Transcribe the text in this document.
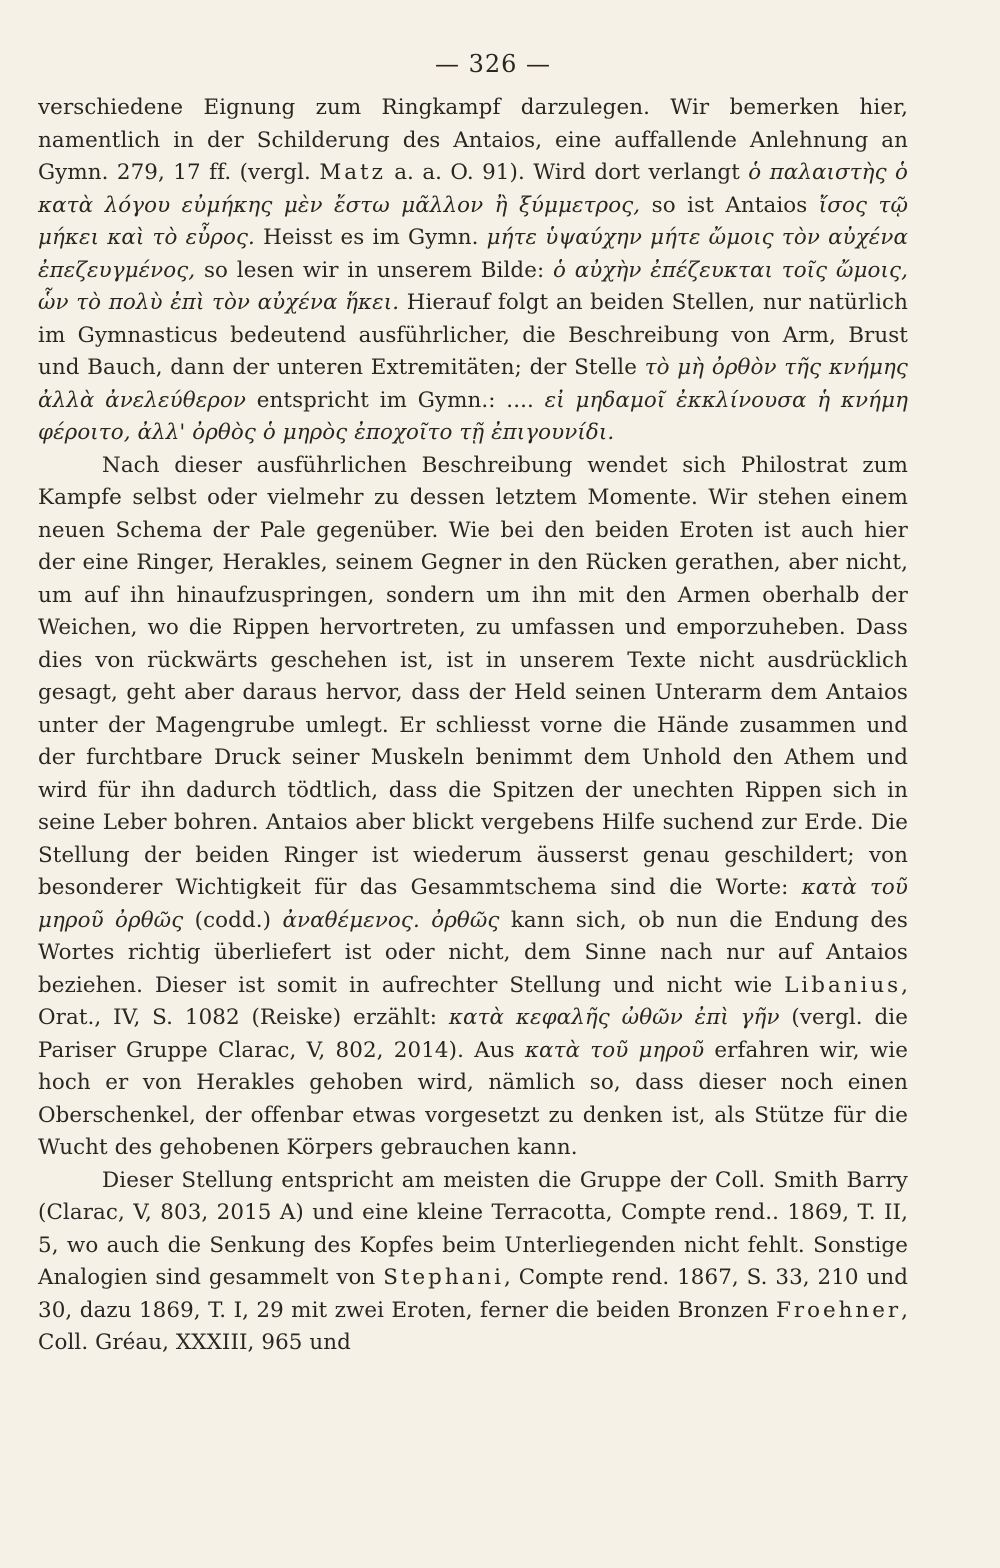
— 326 —

verschiedene Eignung zum Ringkampf darzulegen. Wir bemerken hier, namentlich in der Schilderung des Antaios, eine auffallende Anlehnung an Gymn. 279, 17 ff. (vergl. Matz a. a. O. 91). Wird dort verlangt ὁ παλαιστὴς ὁ κατὰ λόγου εὐμήκης μὲν ἔστω μᾶλλον ἢ ξύμμετρος, so ist Antaios ἴσος τῷ μήκει καὶ τὸ εὖρος. Heisst es im Gymn. μήτε ὑψαύχην μήτε ὤμοις τὸν αὐχένα ἐπεζευγμένος, so lesen wir in unserem Bilde: ὁ αὐχὴν ἐπέζευκται τοῖς ὤμοις, ὧν τὸ πολὺ ἐπὶ τὸν αὐχένα ἥκει. Hierauf folgt an beiden Stellen, nur natürlich im Gymnasticus bedeutend ausführlicher, die Beschreibung von Arm, Brust und Bauch, dann der unteren Extremitäten; der Stelle τὸ μὴ ὀρθὸν τῆς κνήμης ἀλλὰ ἀνελεύθερον entspricht im Gymn.: .... εἰ μηδαμοῖ ἐκκλίνουσα ἡ κνήμη φέροιτο, ἀλλ' ὀρθὸς ὁ μηρὸς ἐποχοῖτο τῇ ἐπιγουνίδι.

Nach dieser ausführlichen Beschreibung wendet sich Philostrat zum Kampfe selbst oder vielmehr zu dessen letztem Momente. Wir stehen einem neuen Schema der Pale gegenüber. Wie bei den beiden Eroten ist auch hier der eine Ringer, Herakles, seinem Gegner in den Rücken gerathen, aber nicht, um auf ihn hinaufzuspringen, sondern um ihn mit den Armen oberhalb der Weichen, wo die Rippen hervortreten, zu umfassen und emporzuheben. Dass dies von rückwärts geschehen ist, ist in unserem Texte nicht ausdrücklich gesagt, geht aber daraus hervor, dass der Held seinen Unterarm dem Antaios unter der Magengrube umlegt. Er schliesst vorne die Hände zusammen und der furchtbare Druck seiner Muskeln benimmt dem Unhold den Athem und wird für ihn dadurch tödtlich, dass die Spitzen der unechten Rippen sich in seine Leber bohren. Antaios aber blickt vergebens Hilfe suchend zur Erde. Die Stellung der beiden Ringer ist wiederum äusserst genau geschildert; von besonderer Wichtigkeit für das Gesammtschema sind die Worte: κατὰ τοῦ μηροῦ ὀρθῶς (codd.) ἀναθέμενος. ὀρθῶς kann sich, ob nun die Endung des Wortes richtig überliefert ist oder nicht, dem Sinne nach nur auf Antaios beziehen. Dieser ist somit in aufrechter Stellung und nicht wie Libanius, Orat., IV, S. 1082 (Reiske) erzählt: κατὰ κεφαλῆς ὠθῶν ἐπὶ γῆν (vergl. die Pariser Gruppe Clarac, V, 802, 2014). Aus κατὰ τοῦ μηροῦ erfahren wir, wie hoch er von Herakles gehoben wird, nämlich so, dass dieser noch einen Oberschenkel, der offenbar etwas vorgesetzt zu denken ist, als Stütze für die Wucht des gehobenen Körpers gebrauchen kann.

Dieser Stellung entspricht am meisten die Gruppe der Coll. Smith Barry (Clarac, V, 803, 2015 A) und eine kleine Terracotta, Compte rend.. 1869, T. II, 5, wo auch die Senkung des Kopfes beim Unterliegenden nicht fehlt. Sonstige Analogien sind gesammelt von Stephani, Compte rend. 1867, S. 33, 210 und 30, dazu 1869, T. I, 29 mit zwei Eroten, ferner die beiden Bronzen Froehner, Coll. Gréau, XXXIII, 965 und
